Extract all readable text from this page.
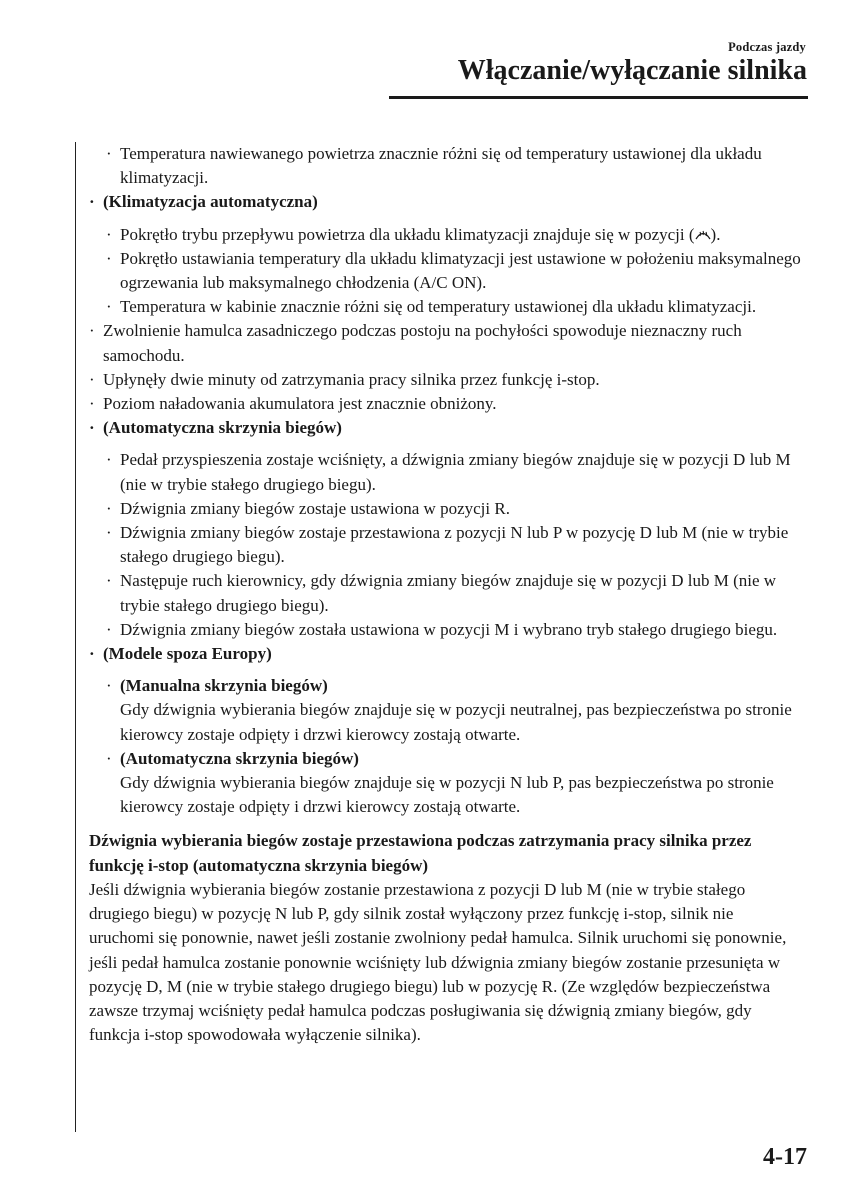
Podczas jazdy
Włączanie/wyłączanie silnika
· Temperatura nawiewanego powietrza znacznie różni się od temperatury ustawionej dla układu klimatyzacji.
· (Klimatyzacja automatyczna)
· Pokrętło trybu przepływu powietrza dla układu klimatyzacji znajduje się w pozycji ( ).
· Pokrętło ustawiania temperatury dla układu klimatyzacji jest ustawione w położeniu maksymalnego ogrzewania lub maksymalnego chłodzenia (A/C ON).
· Temperatura w kabinie znacznie różni się od temperatury ustawionej dla układu klimatyzacji.
· Zwolnienie hamulca zasadniczego podczas postoju na pochyłości spowoduje nieznaczny ruch samochodu.
· Upłynęły dwie minuty od zatrzymania pracy silnika przez funkcję i-stop.
· Poziom naładowania akumulatora jest znacznie obniżony.
· (Automatyczna skrzynia biegów)
· Pedał przyspieszenia zostaje wciśnięty, a dźwignia zmiany biegów znajduje się w pozycji D lub M (nie w trybie stałego drugiego biegu).
· Dźwignia zmiany biegów zostaje ustawiona w pozycji R.
· Dźwignia zmiany biegów zostaje przestawiona z pozycji N lub P w pozycję D lub M (nie w trybie stałego drugiego biegu).
· Następuje ruch kierownicy, gdy dźwignia zmiany biegów znajduje się w pozycji D lub M (nie w trybie stałego drugiego biegu).
· Dźwignia zmiany biegów została ustawiona w pozycji M i wybrano tryb stałego drugiego biegu.
· (Modele spoza Europy)
· (Manualna skrzynia biegów)
Gdy dźwignia wybierania biegów znajduje się w pozycji neutralnej, pas bezpieczeństwa po stronie kierowcy zostaje odpięty i drzwi kierowcy zostają otwarte.
· (Automatyczna skrzynia biegów)
Gdy dźwignia wybierania biegów znajduje się w pozycji N lub P, pas bezpieczeństwa po stronie kierowcy zostaje odpięty i drzwi kierowcy zostają otwarte.
Dźwignia wybierania biegów zostaje przestawiona podczas zatrzymania pracy silnika przez funkcję i-stop (automatyczna skrzynia biegów)
Jeśli dźwignia wybierania biegów zostanie przestawiona z pozycji D lub M (nie w trybie stałego drugiego biegu) w pozycję N lub P, gdy silnik został wyłączony przez funkcję i-stop, silnik nie uruchomi się ponownie, nawet jeśli zostanie zwolniony pedał hamulca. Silnik uruchomi się ponownie, jeśli pedał hamulca zostanie ponownie wciśnięty lub dźwignia zmiany biegów zostanie przesunięta w pozycję D, M (nie w trybie stałego drugiego biegu) lub w pozycję R. (Ze względów bezpieczeństwa zawsze trzymaj wciśnięty pedał hamulca podczas posługiwania się dźwignią zmiany biegów, gdy funkcja i-stop spowodowała wyłączenie silnika).
4-17
